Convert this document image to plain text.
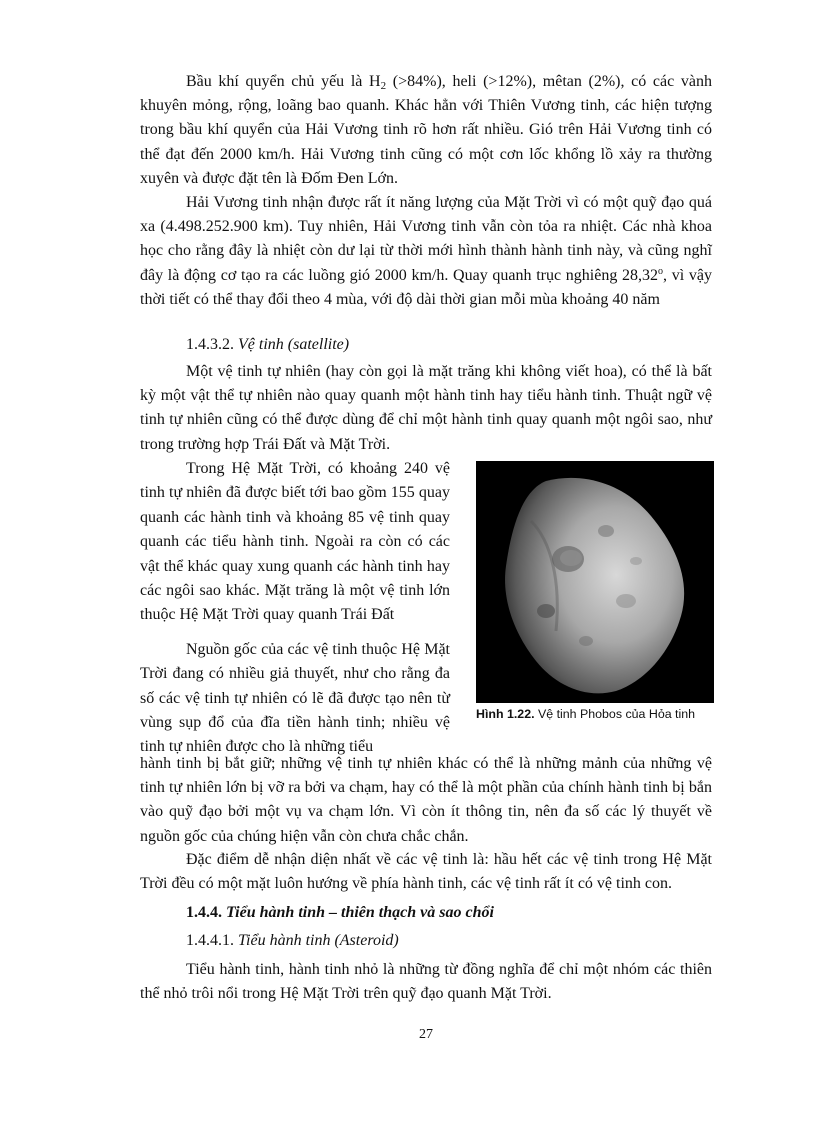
Bầu khí quyển chủ yếu là $H_2$ (>84%), heli (>12%), mêtan (2%), có các vành khuyên mỏng, rộng, loãng bao quanh. Khác hẳn với Thiên Vương tinh, các hiện tượng trong bầu khí quyển của Hải Vương tinh rõ hơn rất nhiều. Gió trên Hải Vương tinh có thể đạt đến 2000 km/h. Hải Vương tinh cũng có một cơn lốc khổng lồ xảy ra thường xuyên và được đặt tên là Đốm Đen Lớn.

Hải Vương tinh nhận được rất ít năng lượng của Mặt Trời vì có một quỹ đạo quá xa (4.498.252.900 km). Tuy nhiên, Hải Vương tinh vẫn còn tỏa ra nhiệt. Các nhà khoa học cho rằng đây là nhiệt còn dư lại từ thời mới hình thành hành tinh này, và cũng nghĩ đây là động cơ tạo ra các luồng gió 2000 km/h. Quay quanh trục nghiêng 28,32$^o$, vì vậy thời tiết có thể thay đổi theo 4 mùa, với độ dài thời gian mỗi mùa khoảng 40 năm

1.4.3.2. Vệ tinh (satellite)

Một vệ tinh tự nhiên (hay còn gọi là mặt trăng khi không viết hoa), có thể là bất kỳ một vật thể tự nhiên nào quay quanh một hành tinh hay tiểu hành tinh. Thuật ngữ vệ tinh tự nhiên cũng có thể được dùng để chỉ một hành tinh quay quanh một ngôi sao, như trong trường hợp Trái Đất và Mặt Trời.

Trong Hệ Mặt Trời, có khoảng 240 vệ tinh tự nhiên đã được biết tới bao gồm 155 quay quanh các hành tinh và khoảng 85 vệ tinh quay quanh các tiểu hành tinh. Ngoài ra còn có các vật thể khác quay xung quanh các hành tinh hay các ngôi sao khác. Mặt trăng là một vệ tinh lớn thuộc Hệ Mặt Trời quay quanh Trái Đất

Nguồn gốc của các vệ tinh thuộc Hệ Mặt Trời đang có nhiều giả thuyết, như cho rằng đa số các vệ tinh tự nhiên có lẽ đã được tạo nên từ vùng sụp đổ của đĩa tiền hành tinh; nhiều vệ tinh tự nhiên được cho là những tiểu

Hình 1.22. Vệ tinh Phobos của Hỏa tinh

hành tinh bị bắt giữ; những vệ tinh tự nhiên khác có thể là những mảnh của những vệ tinh tự nhiên lớn bị vỡ ra bởi va chạm, hay có thể là một phần của chính hành tinh bị bắn vào quỹ đạo bởi một vụ va chạm lớn. Vì còn ít thông tin, nên đa số các lý thuyết về nguồn gốc của chúng hiện vẫn còn chưa chắc chắn.

Đặc điểm dễ nhận diện nhất về các vệ tinh là: hầu hết các vệ tinh trong Hệ Mặt Trời đều có một mặt luôn hướng về phía hành tinh, các vệ tinh rất ít có vệ tinh con.

1.4.4. Tiểu hành tinh – thiên thạch và sao chổi

1.4.4.1. Tiểu hành tinh (Asteroid)

Tiểu hành tinh, hành tinh nhỏ là những từ đồng nghĩa để chỉ một nhóm các thiên thể nhỏ trôi nổi trong Hệ Mặt Trời trên quỹ đạo quanh Mặt Trời.

27
